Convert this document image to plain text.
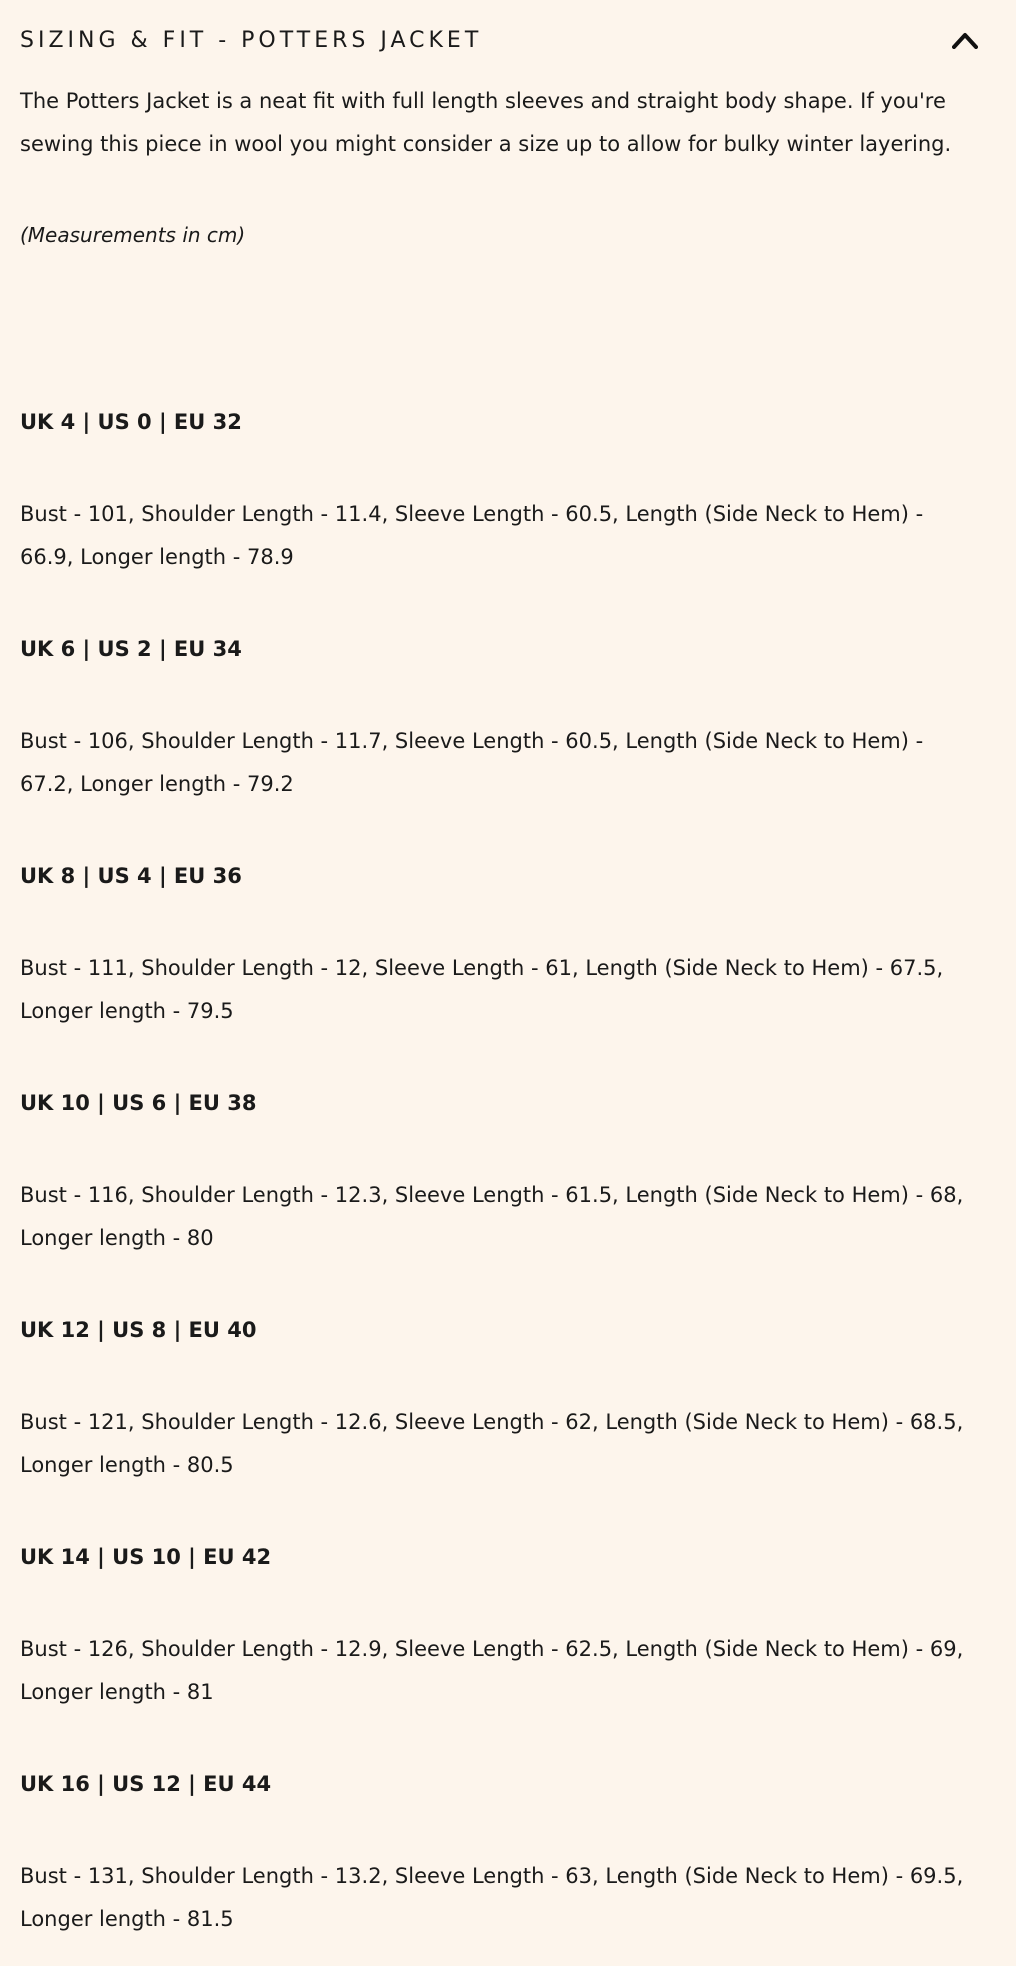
SIZING & FIT - POTTERS JACKET

The Potters Jacket is a neat fit with full length sleeves and straight body shape. If you're sewing this piece in wool you might consider a size up to allow for bulky winter layering.

(Measurements in cm)

UK 4 | US 0 | EU 32

Bust - 101, Shoulder Length - 11.4, Sleeve Length - 60.5, Length (Side Neck to Hem) - 66.9, Longer length - 78.9

UK 6 | US 2 | EU 34

Bust - 106, Shoulder Length - 11.7, Sleeve Length - 60.5, Length (Side Neck to Hem) - 67.2, Longer length - 79.2

UK 8 | US 4 | EU 36

Bust - 111, Shoulder Length - 12, Sleeve Length - 61, Length (Side Neck to Hem) - 67.5, Longer length - 79.5

UK 10 | US 6 | EU 38

Bust - 116, Shoulder Length - 12.3, Sleeve Length - 61.5, Length (Side Neck to Hem) - 68, Longer length - 80

UK 12 | US 8 | EU 40

Bust - 121, Shoulder Length - 12.6, Sleeve Length - 62, Length (Side Neck to Hem) - 68.5, Longer length - 80.5

UK 14 | US 10 | EU 42

Bust - 126, Shoulder Length - 12.9, Sleeve Length - 62.5, Length (Side Neck to Hem) - 69, Longer length - 81

UK 16 | US 12 | EU 44

Bust - 131, Shoulder Length - 13.2, Sleeve Length - 63, Length (Side Neck to Hem) - 69.5, Longer length - 81.5
